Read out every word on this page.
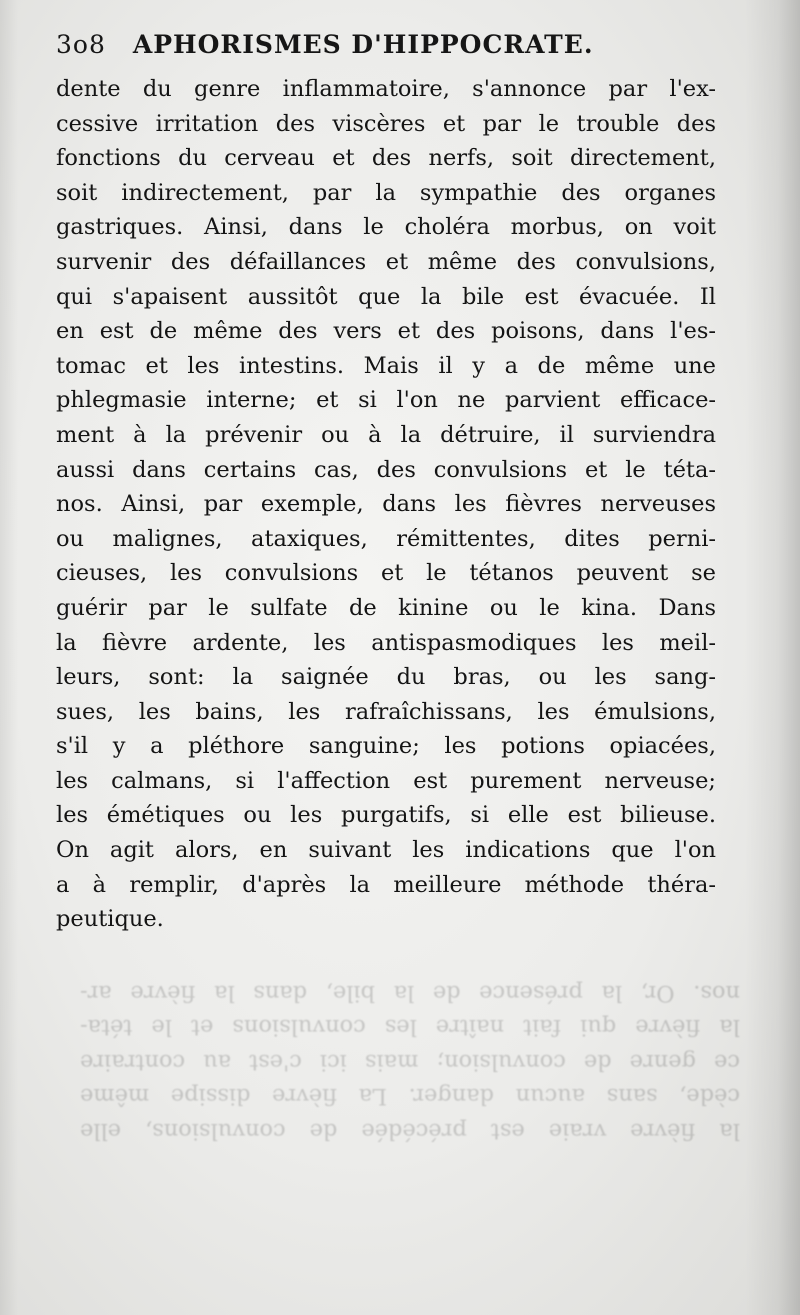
3o8 APHORISMES D'HIPPOCRATE.
dente du genre inflammatoire, s'annonce par l'ex-
cessive irritation des viscères et par le trouble des
fonctions du cerveau et des nerfs, soit directement,
soit indirectement, par la sympathie des organes
gastriques. Ainsi, dans le choléra morbus, on voit
survenir des défaillances et même des convulsions,
qui s'apaisent aussitôt que la bile est évacuée. Il
en est de même des vers et des poisons, dans l'es-
tomac et les intestins. Mais il y a de même une
phlegmasie interne; et si l'on ne parvient efficace-
ment à la prévenir ou à la détruire, il surviendra
aussi dans certains cas, des convulsions et le téta-
nos. Ainsi, par exemple, dans les fièvres nerveuses
ou malignes, ataxiques, rémittentes, dites perni-
cieuses, les convulsions et le tétanos peuvent se
guérir par le sulfate de kinine ou le kina. Dans
la fièvre ardente, les antispasmodiques les meil-
leurs, sont: la saignée du bras, ou les sang-
sues, les bains, les rafraîchissans, les émulsions,
s'il y a pléthore sanguine; les potions opiacées,
les calmans, si l'affection est purement nerveuse;
les émétiques ou les purgatifs, si elle est bilieuse.
On agit alors, en suivant les indications que l'on
a à remplir, d'après la meilleure méthode théra-
peutique.
la fièvre vraie est précédée de convulsions, elle
cède, sans aucun danger. La fièvre dissipe même
ce genre de convulsion; mais ici c'est au contraire
la fièvre qui fait naître les convulsions et le téta-
nos. Or, la présence de la bile, dans la fièvre ar-
